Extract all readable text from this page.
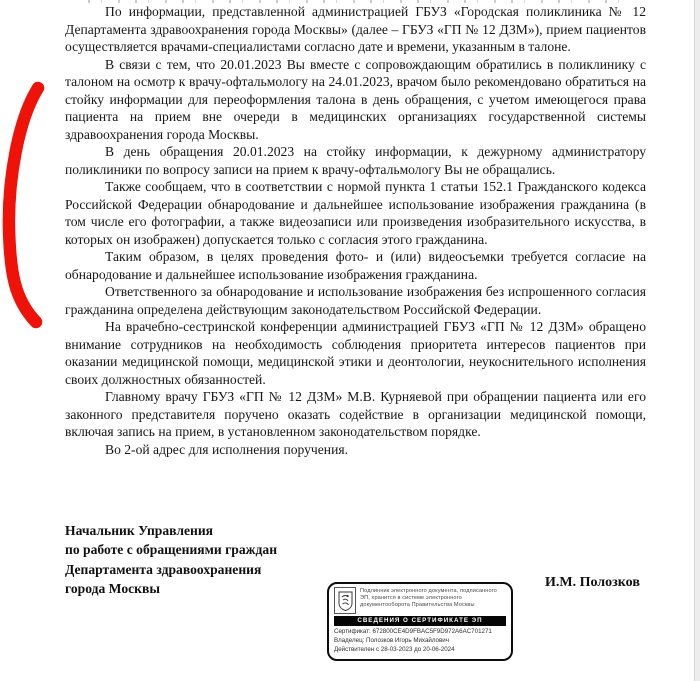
По информации, представленной администрацией ГБУЗ «Городская поликлиника № 12 Департамента здравоохранения города Москвы» (далее – ГБУЗ «ГП № 12 ДЗМ»), прием пациентов осуществляется врачами-специалистами согласно дате и времени, указанным в талоне.

В связи с тем, что 20.01.2023 Вы вместе с сопровождающим обратились в поликлинику с талоном на осмотр к врачу-офтальмологу на 24.01.2023, врачом было рекомендовано обратиться на стойку информации для переоформления талона в день обращения, с учетом имеющегося права пациента на прием вне очереди в медицинских организациях государственной системы здравоохранения города Москвы.

В день обращения 20.01.2023 на стойку информации, к дежурному администратору поликлиники по вопросу записи на прием к врачу-офтальмологу Вы не обращались.

Также сообщаем, что в соответствии с нормой пункта 1 статьи 152.1 Гражданского кодекса Российской Федерации обнародование и дальнейшее использование изображения гражданина (в том числе его фотографии, а также видеозаписи или произведения изобразительного искусства, в которых он изображен) допускается только с согласия этого гражданина.

Таким образом, в целях проведения фото- и (или) видеосъемки требуется согласие на обнародование и дальнейшее использование изображения гражданина.

Ответственного за обнародование и использование изображения без испрошенного согласия гражданина определена действующим законодательством Российской Федерации.

На врачебно-сестринской конференции администрацией ГБУЗ «ГП № 12 ДЗМ» обращено внимание сотрудников на необходимость соблюдения приоритета интересов пациентов при оказании медицинской помощи, медицинской этики и деонтологии, неукоснительного исполнения своих должностных обязанностей.

Главному врачу ГБУЗ «ГП № 12 ДЗМ» М.В. Курняевой при обращении пациента или его законного представителя поручено оказать содействие в организации медицинской помощи, включая запись на прием, в установленном законодательством порядке.

Во 2-ой адрес для исполнения поручения.

Начальник Управления
по работе с обращениями граждан
Департамента здравоохранения
города Москвы	И.М. Полозков
Подлинник электронного документа, подписанного ЭП, хранится в системе электронного документооборота Правительства Москвы
СВЕДЕНИЯ О СЕРТИФИКАТЕ ЭП
Сертификат: 672800CE4D9FBAC5F9D972A6AC701271
Владелец: Полозков Игорь Михайлович
Действителен с 28-03-2023 до 20-06-2024
